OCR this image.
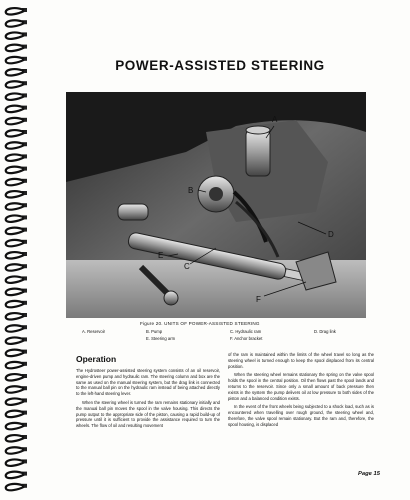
POWER-ASSISTED STEERING
A
B
C
D
E
F
Figure 20. UNITS OF POWER-ASSISTED STEERING
A. Reservoir	B. Pump	C. Hydraulic ram	D. Drag link
E. Steering arm	F. Anchor bracket
Operation

The Hydrosteer power-assisted steering system consists of an oil reservoir, engine-driven pump and hydraulic ram. The steering column and box are the same as used on the manual steering system, but the drag link is connected to the manual ball pin on the hydraulic ram instead of being attached directly to the left-hand steering lever.

When the steering wheel is turned the ram remains stationary initially and the manual ball pin moves the spool in the valve housing. This directs the pump output to the appropriate side of the piston, causing a rapid build-up of pressure until it is sufficient to provide the assistance required to turn the wheels. The flow of oil and resulting movement

of the ram is maintained within the limits of the wheel travel so long as the steering wheel is turned enough to keep the spool displaced from its central position.

When the steering wheel remains stationary the spring on the valve spool holds the spool in the central position. Oil then flows past the spool lands and returns to the reservoir. Since only a small amount of back pressure then exists in the system the pump delivers oil at low pressure to both sides of the piston and a balanced condition exists.

In the event of the front wheels being subjected to a shock load, such as is encountered when travelling over rough ground, the steering wheel and, therefore, the valve spool remain stationary. But the ram and, therefore, the spool housing, is displaced

Page 15
